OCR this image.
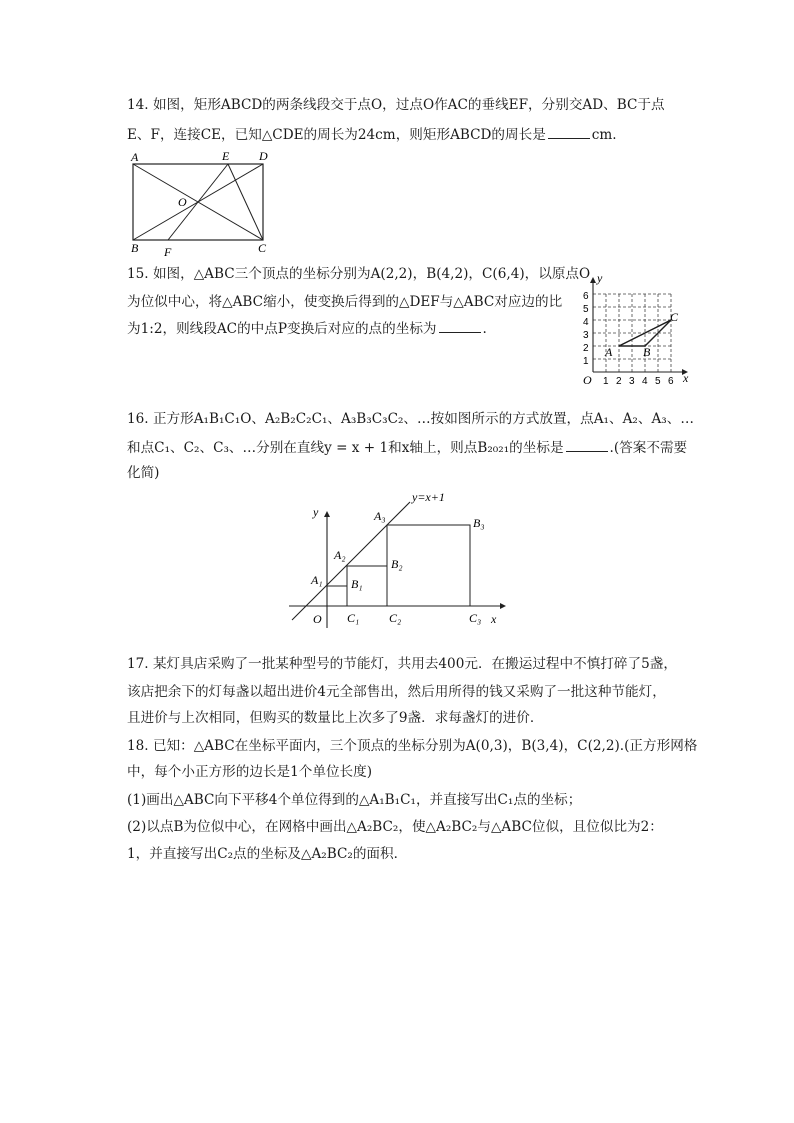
14. 如图，矩形ABCD的两条线段交于点O，过点O作AC的垂线EF，分别交AD、BC于点
E、F，连接CE，已知△CDE的周长为24cm，则矩形ABCD的周长是	cm.
A	E D
O
B F	C
15. 如图，△ABC三个顶点的坐标分别为A(2,2)，B(4,2)，C(6,4)，以原点O
为位似中心，将△ABC缩小，使变换后得到的△DEF与△ABC对应边的比
为1:2，则线段AC的中点P变换后对应的点的坐标为	.
6
5
4
3
2
1
1 2 3 4 5 6
O	x
y
A	B
C
16. 正方形A₁B₁C₁O、A₂B₂C₂C₁、A₃B₃C₃C₂、…按如图所示的方式放置，点A₁、A₂、A₃、…
和点C₁、C₂、C₃、…分别在直线y = x + 1和x轴上，则点B₂₀₂₁的坐标是	.(答案不需要
化简)
y=x+1
y
x
O
A₁
A₂
A₃
B₁
B₂
B₃
C₁ C₂	C₃
17. 某灯具店采购了一批某种型号的节能灯，共用去400元．在搬运过程中不慎打碎了5盏，
该店把余下的灯每盏以超出进价4元全部售出，然后用所得的钱又采购了一批这种节能灯，
且进价与上次相同，但购买的数量比上次多了9盏．求每盏灯的进价．
18. 已知：△ABC在坐标平面内，三个顶点的坐标分别为A(0,3)，B(3,4)，C(2,2).(正方形网格
中，每个小正方形的边长是1个单位长度)
(1)画出△ABC向下平移4个单位得到的△A₁B₁C₁，并直接写出C₁点的坐标；
(2)以点B为位似中心，在网格中画出△A₂BC₂，使△A₂BC₂与△ABC位似，且位似比为2：
1，并直接写出C₂点的坐标及△A₂BC₂的面积．
